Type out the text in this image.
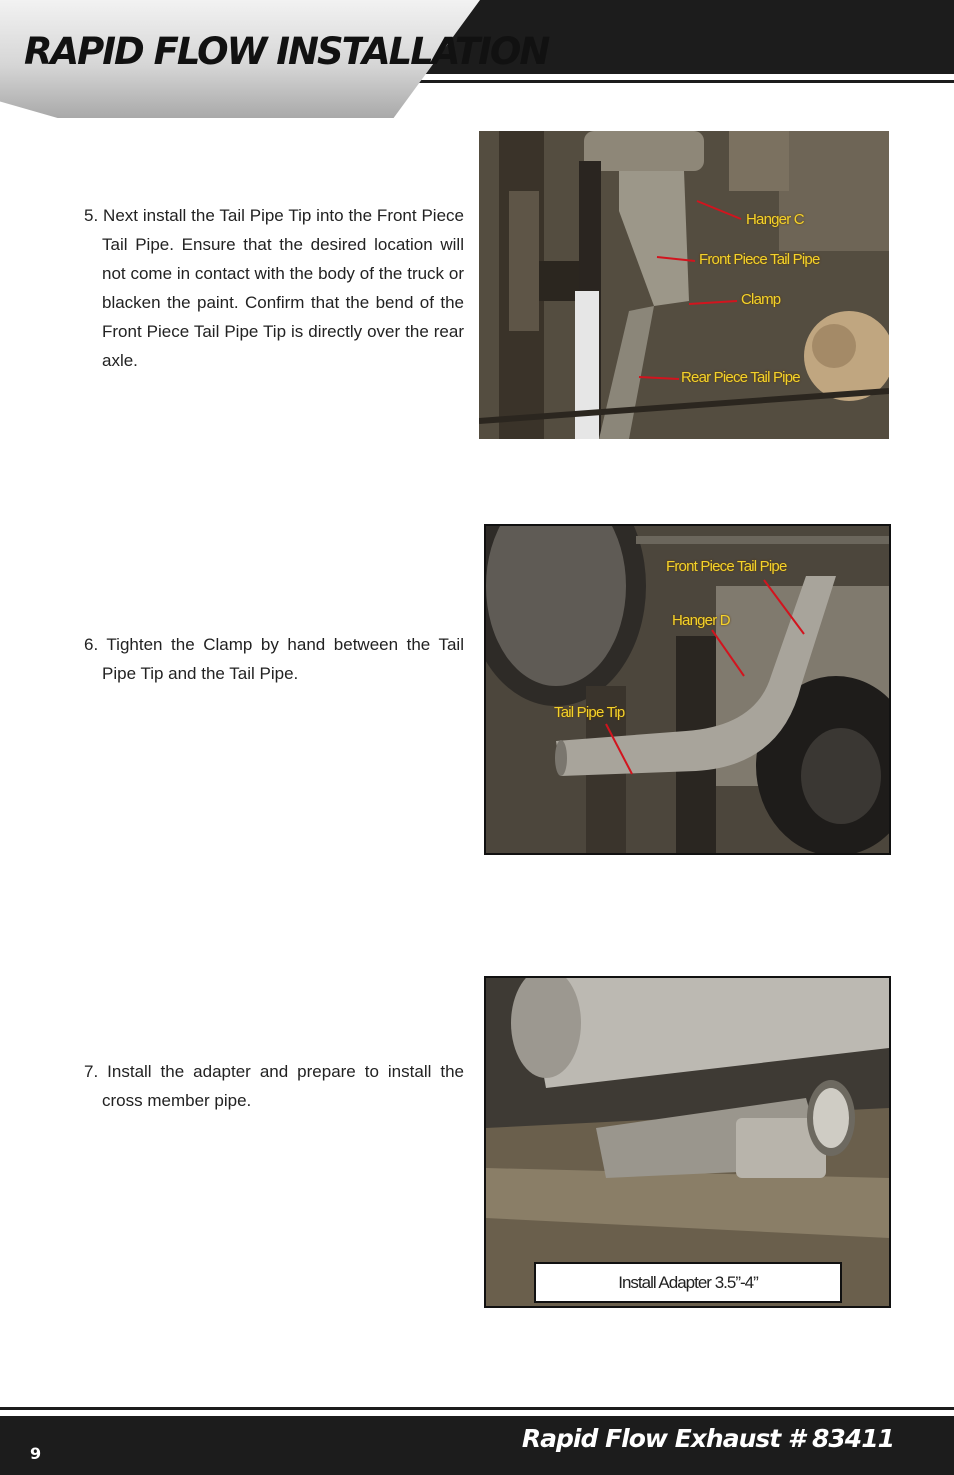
RAPID FLOW INSTALLATION

5. Next install the Tail Pipe Tip into the Front Piece Tail Pipe. Ensure that the desired location will not come in contact with the body of the truck or blacken the paint. Confirm that the bend of the Front Piece Tail Pipe Tip is directly over the rear axle.

Hanger C
Front Piece Tail Pipe
Clamp
Rear Piece Tail Pipe

6. Tighten the Clamp by hand between the Tail Pipe Tip and the Tail Pipe.

Front Piece Tail Pipe
Hanger D
Tail Pipe Tip

7. Install the adapter and prepare to install the cross member pipe.

Install Adapter 3.5”-4”

Rapid Flow Exhaust # 83411

9
